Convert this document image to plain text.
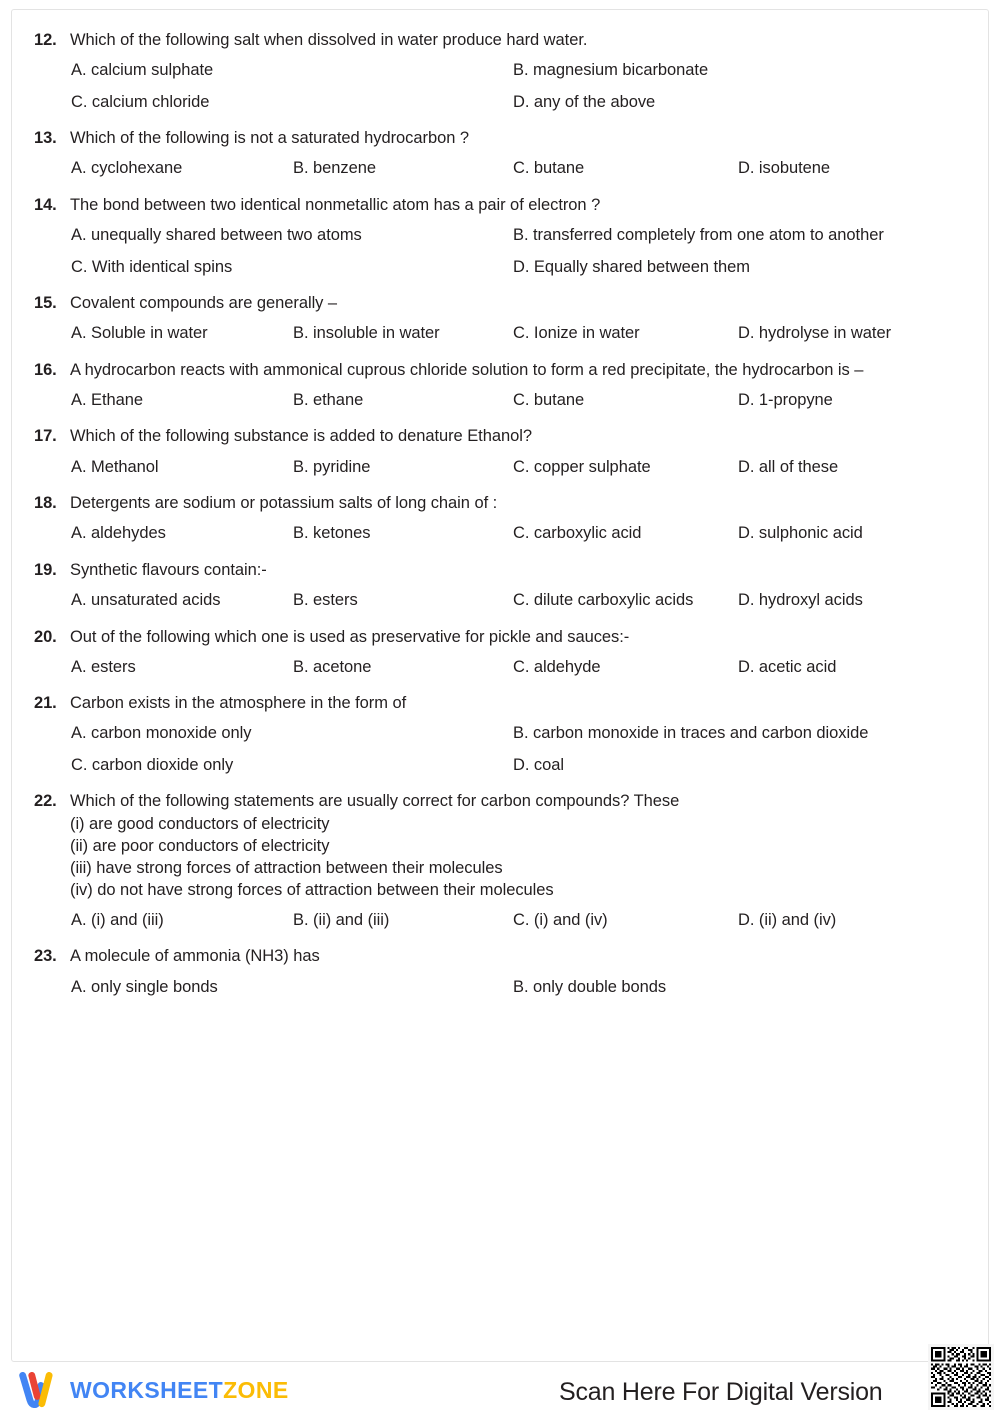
12. Which of the following salt when dissolved in water produce hard water.
A. calcium sulphate	B. magnesium bicarbonate
C. calcium chloride	D. any of the above
13. Which of the following is not a saturated hydrocarbon ?
A. cyclohexane	B. benzene	C. butane	D. isobutene
14. The bond between two identical nonmetallic atom has a pair of electron ?
A. unequally shared between two atoms	B. transferred completely from one atom to another
C. With identical spins	D. Equally shared between them
15. Covalent compounds are generally –
A. Soluble in water	B. insoluble in water	C. Ionize in water	D. hydrolyse in water
16. A hydrocarbon reacts with ammonical cuprous chloride solution to form a red precipitate, the hydrocarbon is –
A. Ethane	B. ethane	C. butane	D. 1-propyne
17. Which of the following substance is added to denature Ethanol?
A. Methanol	B. pyridine	C. copper sulphate	D. all of these
18. Detergents are sodium or potassium salts of long chain of :
A. aldehydes	B. ketones	C. carboxylic acid	D. sulphonic acid
19. Synthetic flavours contain:-
A. unsaturated acids	B. esters	C. dilute carboxylic acids	D. hydroxyl acids
20. Out of the following which one is used as preservative for pickle and sauces:-
A. esters	B. acetone	C. aldehyde	D. acetic acid
21. Carbon exists in the atmosphere in the form of
A. carbon monoxide only	B. carbon monoxide in traces and carbon dioxide
C. carbon dioxide only	D. coal
22. Which of the following statements are usually correct for carbon compounds? These
(i) are good conductors of electricity
(ii) are poor conductors of electricity
(iii) have strong forces of attraction between their molecules
(iv) do not have strong forces of attraction between their molecules
A. (i) and (iii)	B. (ii) and (iii)	C. (i) and (iv)	D. (ii) and (iv)
23. A molecule of ammonia (NH3) has
A. only single bonds	B. only double bonds
WORKSHEETZONE	Scan Here For Digital Version
